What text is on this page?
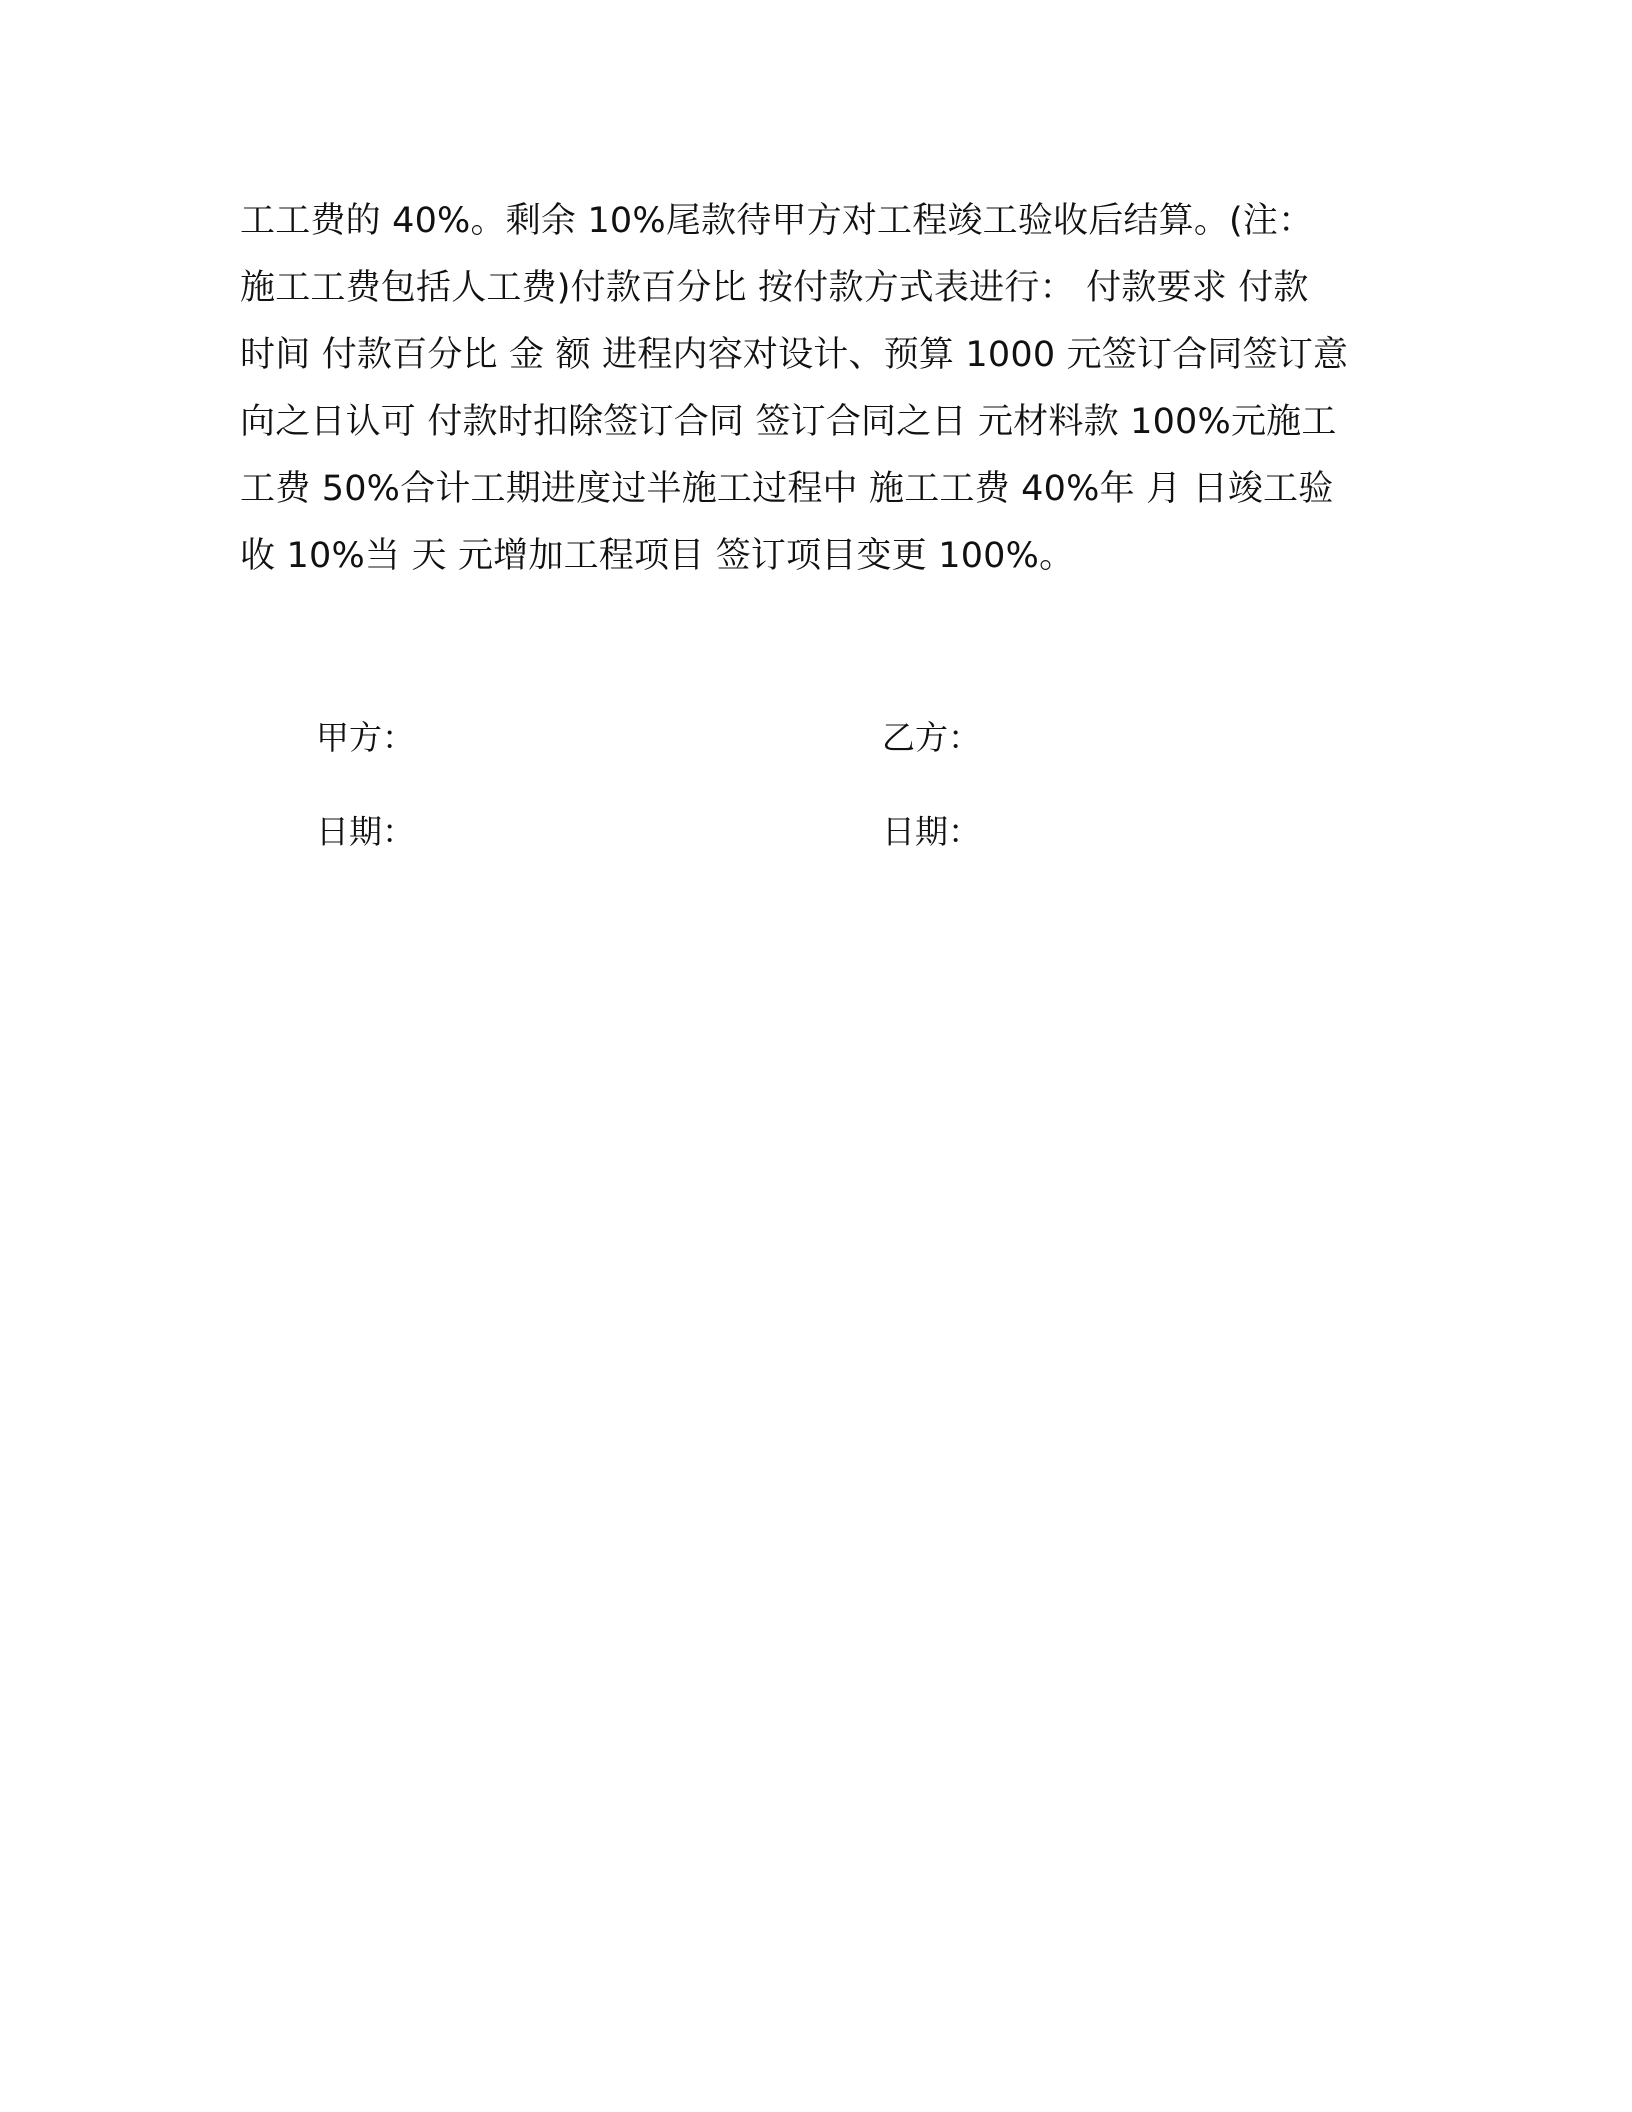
工工费的 40%。剩余 10%尾款待甲方对工程竣工验收后结算。(注：
施工工费包括人工费)付款百分比 按付款方式表进行： 付款要求 付款
时间 付款百分比 金 额 进程内容对设计、预算 1000 元签订合同签订意
向之日认可 付款时扣除签订合同 签订合同之日 元材料款 100%元施工
工费 50%合计工期进度过半施工过程中 施工工费 40%年 月 日竣工验
收 10%当 天 元增加工程项目 签订项目变更 100%。
甲方：	乙方：
日期：	日期：
